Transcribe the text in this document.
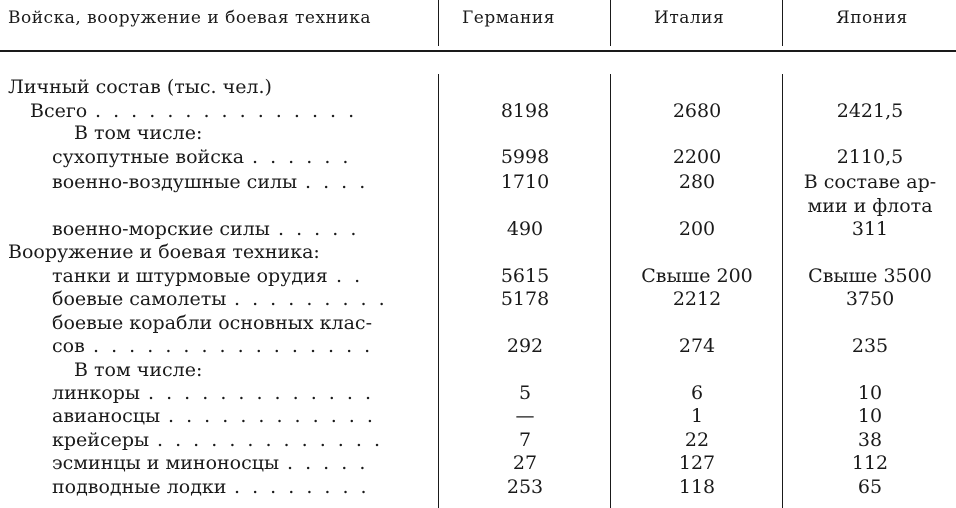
Войска, вооружение и боевая техника	Германия	Италия	Япония
Личный состав (тыс. чел.)
Всего . . . . . . . . . . . . . . .	8198	2680	2421,5
В том числе:
сухопутные войска . . . . . .	5998	2200	2110,5
военно-воздушные силы . . . .	1710	280	В составе ар-
мии и флота
военно-морские силы . . . . .	490	200	311
Вооружение и боевая техника:
танки и штурмовые орудия . .	5615	Свыше 200	Свыше 3500
боевые самолеты . . . . . . . . .	5178	2212	3750
боевые корабли основных клас-
сов . . . . . . . . . . . . . . . .	292	274	235
В том числе:
линкоры . . . . . . . . . . . . .	5	6	10
авианосцы . . . . . . . . . . . .	—	1	10
крейсеры . . . . . . . . . . . . .	7	22	38
эсминцы и миноносцы . . . . .	27	127	112
подводные лодки . . . . . . . .	253	118	65
